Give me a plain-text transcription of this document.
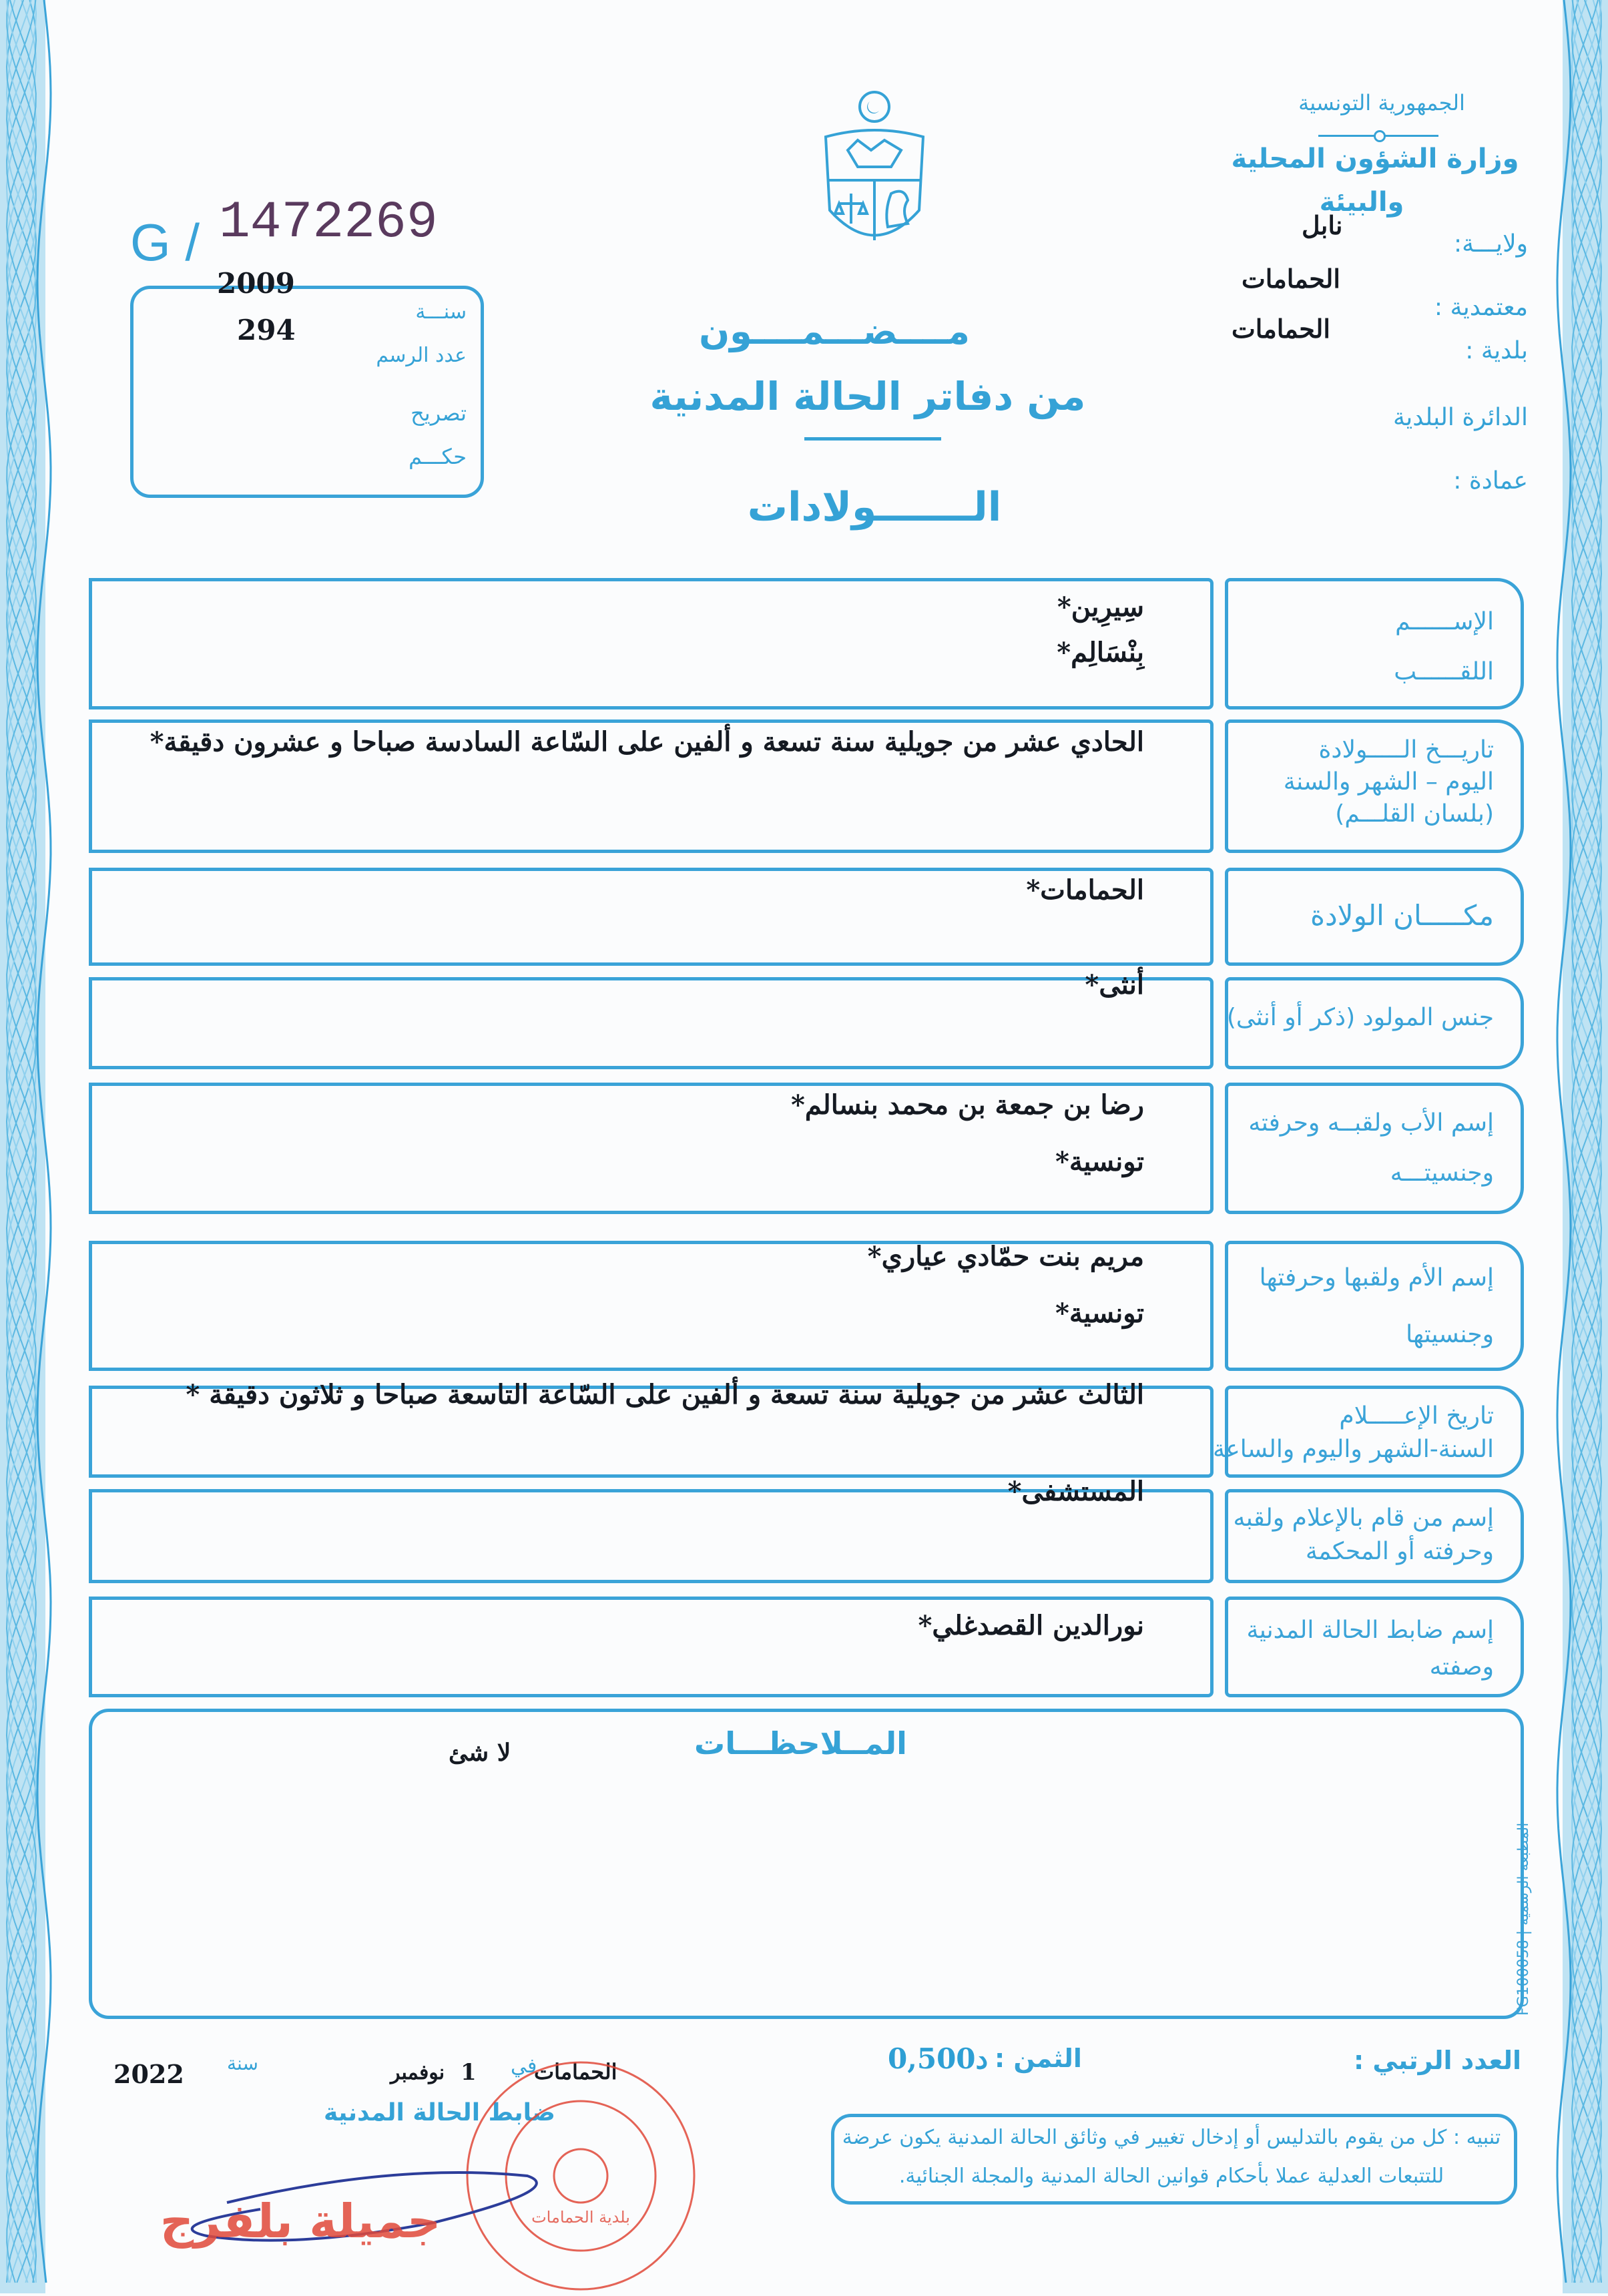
الجمهورية التونسية
وزارة الشؤون المحلية
والبيئة
نابل
ولايـــة:
الحمامات
معتمدية :
الحمامات
بلدية :
الدائرة البلدية
عمادة :
G / 1472269
2009
294
سنـــة
عدد الرسم
تصريح
حكـــم
مــــضـــمــــون
من دفاتر الحالة المدنية
الـــــــولادات
الإســــــم
اللقــــــب
تاريـــخ الـــــولادة
اليوم – الشهر والسنة
(بلسان القلـــم)
مكـــــان الولادة
جنس المولود (ذكر أو أنثى)
إسم الأب ولقبــه وحرفته
وجنسيتـــه
إسم الأم ولقبها وحرفتها
وجنسيتها
تاريخ الإعـــــلام
السنة-الشهر واليوم والساعة
إسم من قام بالإعلام ولقبه
وحرفته أو المحكمة
إسم ضابط الحالة المدنية
وصفته
المــلاحظـــات
لا شئ
المطبعة الرسمية | FG100058
العدد الرتبي :
الثمن :
0,500د
الحمامات
في
1
نوفمبر
سنة
2022
ضابط الحالة المدنية
تنبيه : كل من يقوم بالتدليس أو إدخال تغيير في وثائق الحالة المدنية يكون عرضة
للتتبعات العدلية عملا بأحكام قوانين الحالة المدنية والمجلة الجنائية.
بلدية الحمامات
جميلة بلفرج
سِيرِين*
بِنْسَالِم*
الحادي عشر من جويلية سنة تسعة و ألفين على السّاعة السادسة صباحا و عشرون دقيقة*
الحمامات*
أنثى*
رضا بن جمعة بن محمد بنسالم*
تونسية*
مريم بنت حمّادي عياري*
تونسية*
الثالث عشر من جويلية سنة تسعة و ألفين على السّاعة التاسعة صباحا و ثلاثون دقيقة *
المستشفى*
نورالدين القصدغلي*
